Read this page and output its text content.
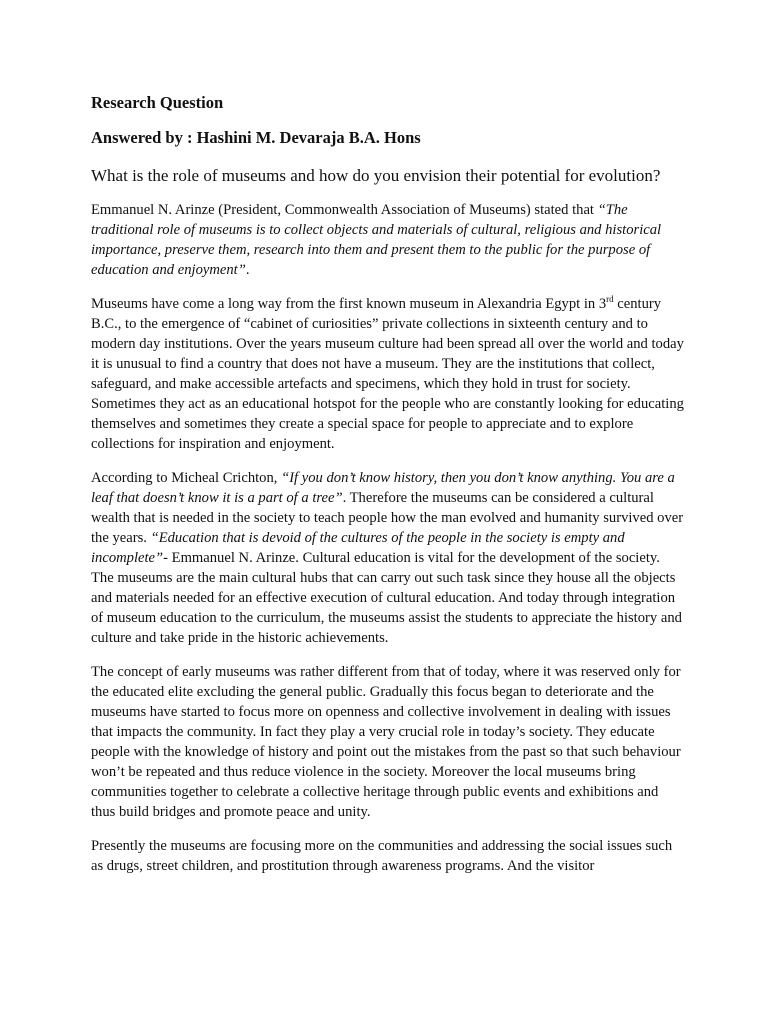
Research Question
Answered by : Hashini M. Devaraja B.A. Hons
What is the role of museums and how do you envision their potential for evolution?

Emmanuel N. Arinze (President, Commonwealth Association of Museums) stated that “The traditional role of museums is to collect objects and materials of cultural, religious and historical importance, preserve them, research into them and present them to the public for the purpose of education and enjoyment”.

Museums have come a long way from the first known museum in Alexandria Egypt in 3rd century B.C., to the emergence of “cabinet of curiosities” private collections in sixteenth century and to modern day institutions. Over the years museum culture had been spread all over the world and today it is unusual to find a country that does not have a museum. They are the institutions that collect, safeguard, and make accessible artefacts and specimens, which they hold in trust for society. Sometimes they act as an educational hotspot for the people who are constantly looking for educating themselves and sometimes they create a special space for people to appreciate and to explore collections for inspiration and enjoyment.

According to Micheal Crichton, “If you don’t know history, then you don’t know anything. You are a leaf that doesn’t know it is a part of a tree”. Therefore the museums can be considered a cultural wealth that is needed in the society to teach people how the man evolved and humanity survived over the years. “Education that is devoid of the cultures of the people in the society is empty and incomplete”- Emmanuel N. Arinze. Cultural education is vital for the development of the society. The museums are the main cultural hubs that can carry out such task since they house all the objects and materials needed for an effective execution of cultural education. And today through integration of museum education to the curriculum, the museums assist the students to appreciate the history and culture and take pride in the historic achievements.

The concept of early museums was rather different from that of today, where it was reserved only for the educated elite excluding the general public. Gradually this focus began to deteriorate and the museums have started to focus more on openness and collective involvement in dealing with issues that impacts the community. In fact they play a very crucial role in today’s society. They educate people with the knowledge of history and point out the mistakes from the past so that such behaviour won’t be repeated and thus reduce violence in the society. Moreover the local museums bring communities together to celebrate a collective heritage through public events and exhibitions and thus build bridges and promote peace and unity.

Presently the museums are focusing more on the communities and addressing the social issues such as drugs, street children, and prostitution through awareness programs. And the visitor
